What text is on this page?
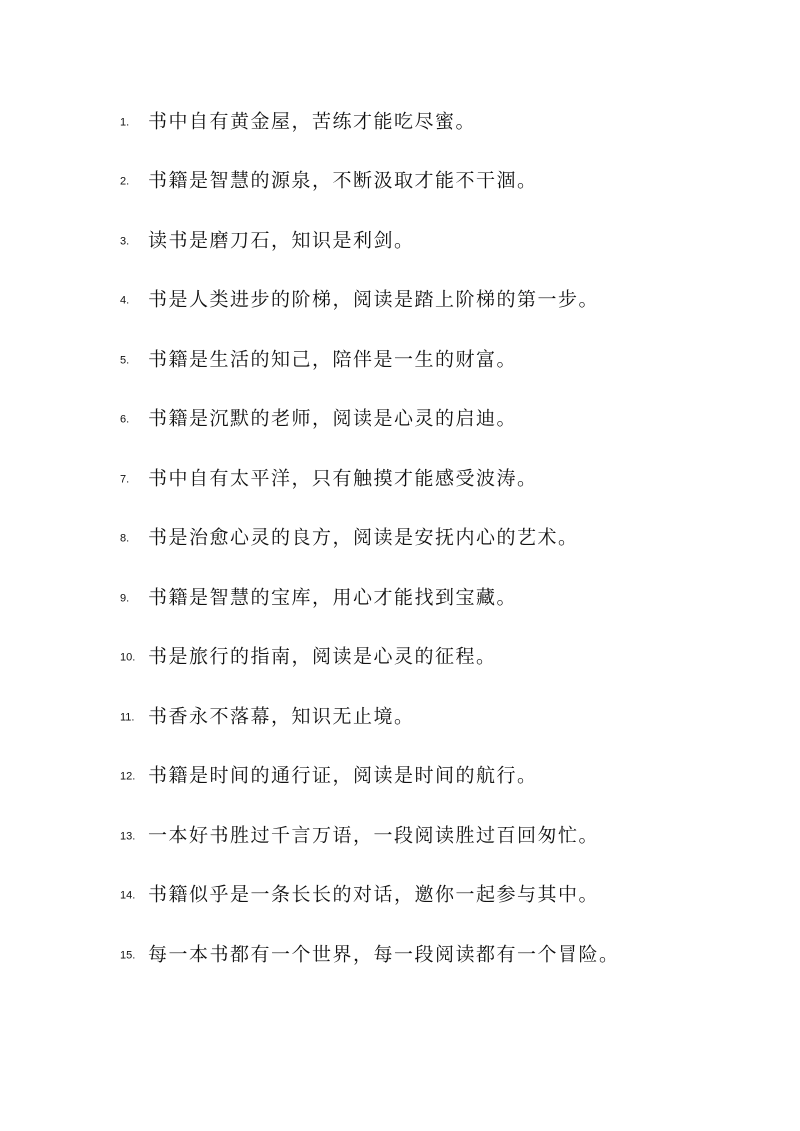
1. 书中自有黄金屋，苦练才能吃尽蜜。
2. 书籍是智慧的源泉，不断汲取才能不干涸。
3. 读书是磨刀石，知识是利剑。
4. 书是人类进步的阶梯，阅读是踏上阶梯的第一步。
5. 书籍是生活的知己，陪伴是一生的财富。
6. 书籍是沉默的老师，阅读是心灵的启迪。
7. 书中自有太平洋，只有触摸才能感受波涛。
8. 书是治愈心灵的良方，阅读是安抚内心的艺术。
9. 书籍是智慧的宝库，用心才能找到宝藏。
10. 书是旅行的指南，阅读是心灵的征程。
11. 书香永不落幕，知识无止境。
12. 书籍是时间的通行证，阅读是时间的航行。
13. 一本好书胜过千言万语，一段阅读胜过百回匆忙。
14. 书籍似乎是一条长长的对话，邀你一起参与其中。
15. 每一本书都有一个世界，每一段阅读都有一个冒险。
